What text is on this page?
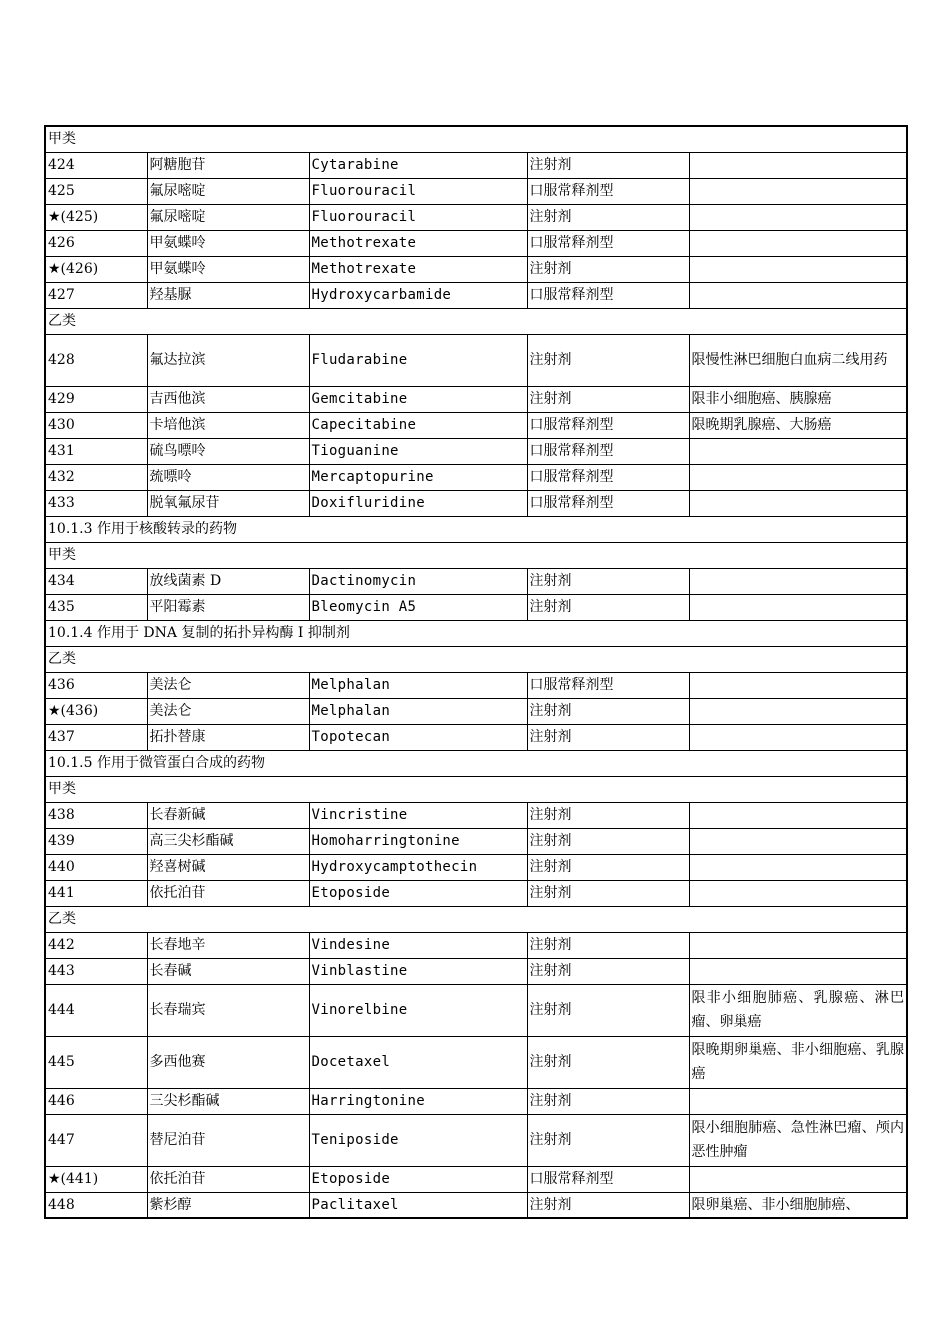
甲类				
424	阿糖胞苷	Cytarabine	注射剂	
425	氟尿嘧啶	Fluorouracil	口服常释剂型	
★(425)	氟尿嘧啶	Fluorouracil	注射剂	
426	甲氨蝶呤	Methotrexate	口服常释剂型	
★(426)	甲氨蝶呤	Methotrexate	注射剂	
427	羟基脲	Hydroxycarbamide	口服常释剂型	
乙类				
428	氟达拉滨	Fludarabine	注射剂	限慢性淋巴细胞白血病二线用药
429	吉西他滨	Gemcitabine	注射剂	限非小细胞癌、胰腺癌
430	卡培他滨	Capecitabine	口服常释剂型	限晚期乳腺癌、大肠癌
431	硫鸟嘌呤	Tioguanine	口服常释剂型	
432	巯嘌呤	Mercaptopurine	口服常释剂型	
433	脱氧氟尿苷	Doxifluridine	口服常释剂型	
10.1.3 作用于核酸转录的药物				
甲类				
434	放线菌素 D	Dactinomycin	注射剂	
435	平阳霉素	Bleomycin A5	注射剂	
10.1.4 作用于 DNA 复制的拓扑异构酶 I 抑制剂				
乙类				
436	美法仑	Melphalan	口服常释剂型	
★(436)	美法仑	Melphalan	注射剂	
437	拓扑替康	Topotecan	注射剂	
10.1.5 作用于微管蛋白合成的药物				
甲类				
438	长春新碱	Vincristine	注射剂	
439	高三尖杉酯碱	Homoharringtonine	注射剂	
440	羟喜树碱	Hydroxycamptothecin	注射剂	
441	依托泊苷	Etoposide	注射剂	
乙类				
442	长春地辛	Vindesine	注射剂	
443	长春碱	Vinblastine	注射剂	
444	长春瑞宾	Vinorelbine	注射剂	限非小细胞肺癌、乳腺癌、淋巴瘤、卵巢癌
445	多西他赛	Docetaxel	注射剂	限晚期卵巢癌、非小细胞癌、乳腺癌
446	三尖杉酯碱	Harringtonine	注射剂	
447	替尼泊苷	Teniposide	注射剂	限小细胞肺癌、急性淋巴瘤、颅内恶性肿瘤
★(441)	依托泊苷	Etoposide	口服常释剂型	
448	紫杉醇	Paclitaxel	注射剂	限卵巢癌、非小细胞肺癌、
